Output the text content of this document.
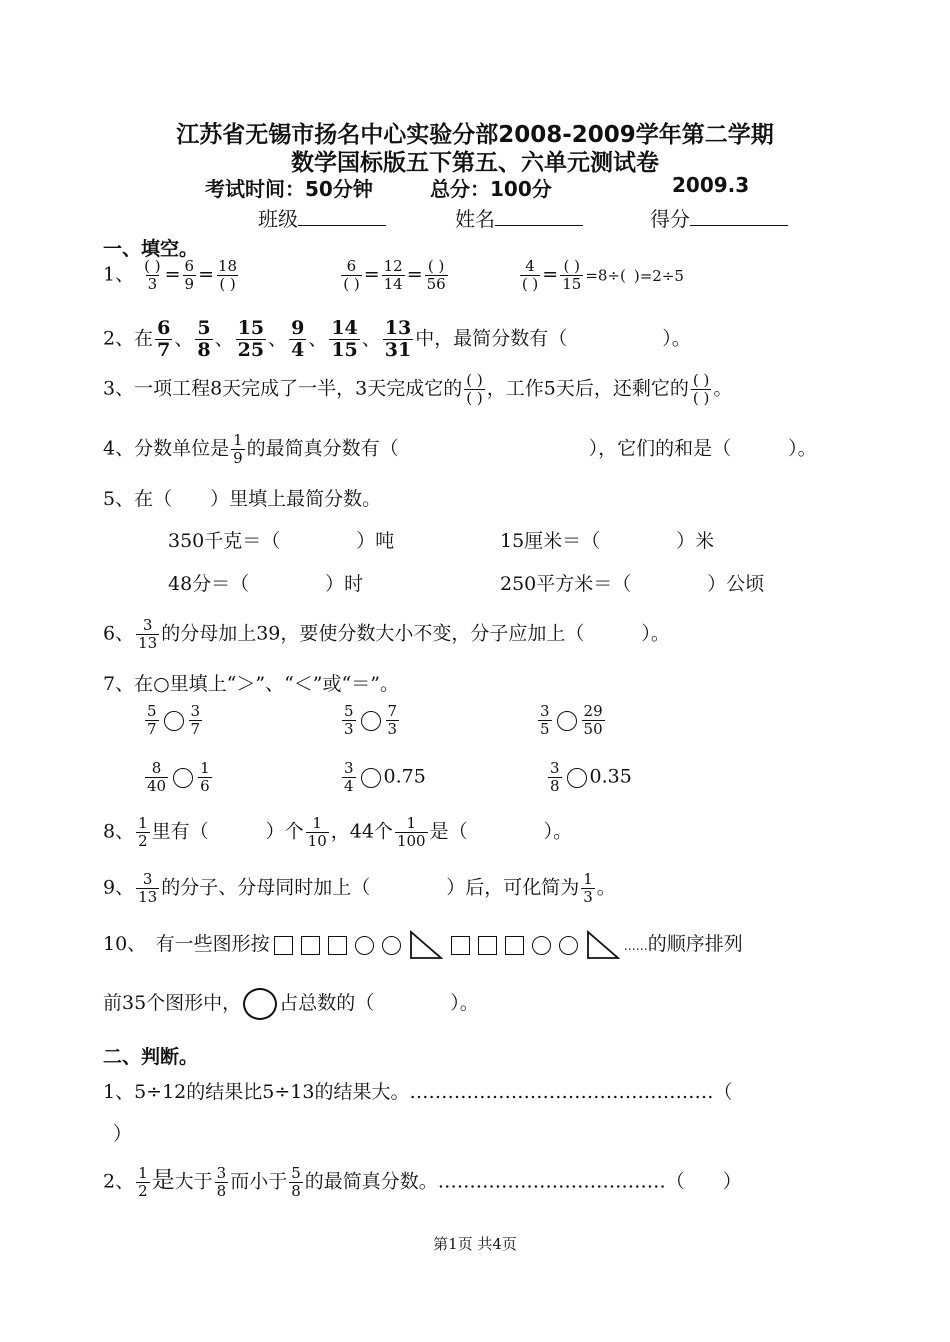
江苏省无锡市扬名中心实验分部2008-2009学年第二学期
数学国标版五下第五、六单元测试卷
考试时间：50分钟	总分：100分	2009.3
班级	姓名	得分
一、填空。
1、 ( )
$3 = \frac{6}{9} = 18$
( )

6
( ) = $\frac{12}{14}$ = ( )
56

4
( ) = ( )
15 =8÷( )=2÷5
2、在 $\frac{6}{7}$ 、 $\frac{5}{8}$ 、 $\frac{15}{25}$ 、 $\frac{9}{4}$ 、 $\frac{14}{15}$ 、 $\frac{13}{31}$ 中，最简分数有（　　　　　）。
3、一项工程8天完成了一半，3天完成它的 ( )
( ) ，工作5天后，还剩它的 ( )
( ) 。
4、分数单位是 $\frac{1}{9}$ 的最简真分数有（　　　　　　　　　　），它们的和是（　　　）。
5、在（　　）里填上最简分数。
350千克＝（　　　　）吨	15厘米＝（　　　　）米
48分＝（　　　　）时	250平方米＝（　　　　）公顷
6、 $\frac{3}{13}$ 的分母加上39，要使分数大小不变，分子应加上（　　　）。
7、在○里填上“＞”、“＜”或“＝”。
$\frac{5}{7} \frac{3}{7}$	$\frac{5}{3} \frac{7}{3}$	$\frac{3}{5} \frac{29}{50}$
$\frac{8}{40} \frac{1}{6}$	$\frac{3}{4} 0.75$	$\frac{3}{8} 0.35$
8、 $\frac{1}{2}$ 里有（　　　）个 $\frac{1}{10}$ ，44个 $\frac{1}{100}$ 是（　　　　）。
9、 $\frac{3}{13}$ 的分子、分母同时加上（　　　　）后，可化简为 $\frac{1}{3}$ 。
10、　有一些图形按	……的顺序排列
前35个图形中， 占总数的（　　　　）。
二、判断。
1、5÷12的结果比5÷13的结果大。…………………………………………（
）
2、 $\frac{1}{2}$ 是大于 $\frac{3}{8}$ 而小于 $\frac{5}{8}$ 的最简真分数。………………………………（　　）
第1页 共4页
